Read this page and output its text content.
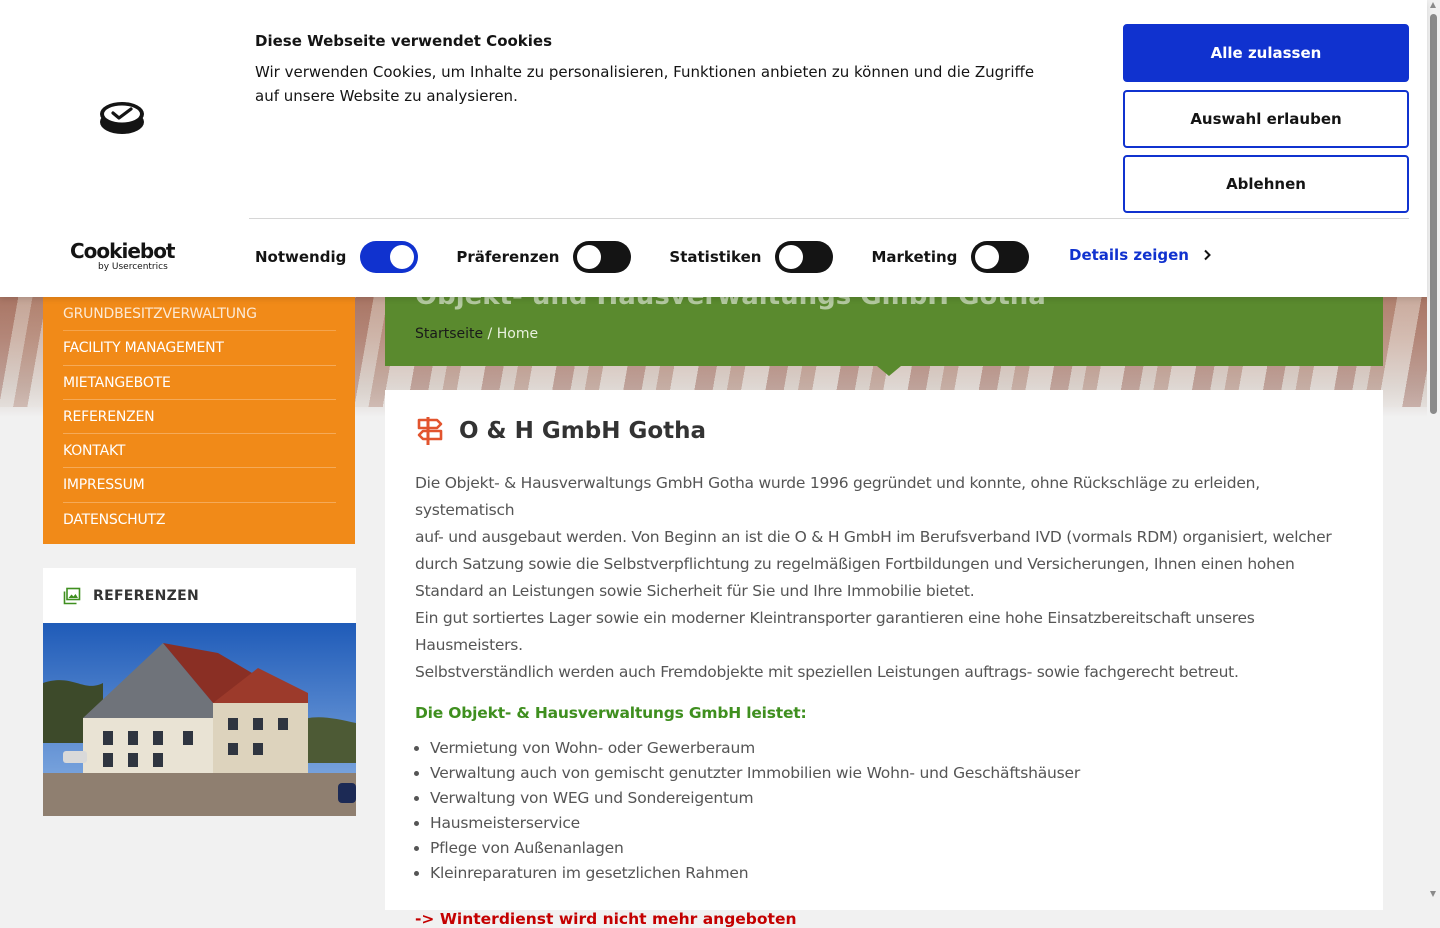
GRUNDBESITZVERWALTUNG
FACILITY MANAGEMENT
MIETANGEBOTE
REFERENZEN
KONTAKT
IMPRESSUM
DATENSCHUTZ
REFERENZEN
Startseite / Home
O & H GmbH Gotha
Die Objekt- & Hausverwaltungs GmbH Gotha wurde 1996 gegründet und konnte, ohne Rückschläge zu erleiden, systematisch
auf- und ausgebaut werden. Von Beginn an ist die O & H GmbH im Berufsverband IVD (vormals RDM) organisiert, welcher
durch Satzung sowie die Selbstverpflichtung zu regelmäßigen Fortbildungen und Versicherungen, Ihnen einen hohen
Standard an Leistungen sowie Sicherheit für Sie und Ihre Immobilie bietet.
Ein gut sortiertes Lager sowie ein moderner Kleintransporter garantieren eine hohe Einsatzbereitschaft unseres
Hausmeisters.
Selbstverständlich werden auch Fremdobjekte mit speziellen Leistungen auftrags- sowie fachgerecht betreut.
Die Objekt- & Hausverwaltungs GmbH leistet:
• Vermietung von Wohn- oder Gewerberaum
• Verwaltung auch von gemischt genutzter Immobilien wie Wohn- und Geschäftshäuser
• Verwaltung von WEG und Sondereigentum
• Hausmeisterservice
• Pflege von Außenanlagen
• Kleinreparaturen im gesetzlichen Rahmen
-> Winterdienst wird nicht mehr angeboten
Diese Webseite verwendet Cookies
Wir verwenden Cookies, um Inhalte zu personalisieren, Funktionen anbieten zu können und die Zugriffe auf unsere Website zu analysieren.
Alle zulassen
Auswahl erlauben
Ablehnen
Cookiebot
by Usercentrics
Notwendig	Präferenzen	Statistiken	Marketing	Details zeigen
